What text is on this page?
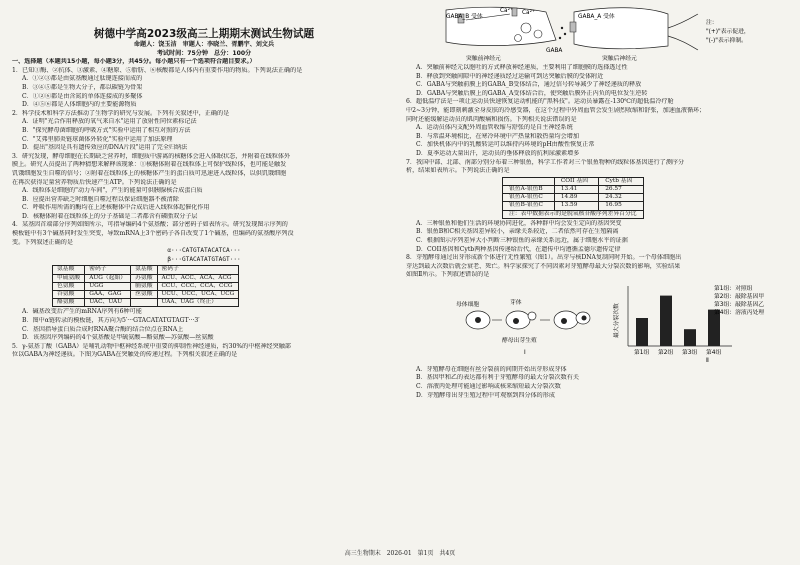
树德中学高2023级高三上期期末测试生物试题
命题人：饶玉洁　审题人：李晓兰、胥鹏宇、刘文兵
考试时间：75分钟　总分：100分
一、选择题（本题共15小题，每小题3分，共45分。每小题只有一个选项符合题目要求。）
1．已知①酶、②抗体、③激素、④糖原、⑤脂肪、⑥核酸都是人体内有重要作用的物质。下列说法正确的是
A．①②③都是由氨基酸通过肽键连接而成的
B．③④⑤都是生物大分子，都以碳链为骨架
C．①②⑥都是由含氮的单体连接成的多聚体
D．④⑤⑥都是人体细胞内的主要能源物质
2．科学技术和科学方法推动了生物学的研究与发展。下列有关叙述中，正确的是
A．证明"光合作用释放的氧气来自水"运用了放射性同位素标记法
B．"探究酵母菌细胞的呼吸方式"实验中运用了相互对照的方法
C．"艾弗里肺炎链球菌体外转化"实验中运用了加法原理
D．提出"基因是具有遗传效应的DNA片段"运用了完全归纳法
3．研究发现，酵母细胞在长期缺乏营养时，细胞质中游离的核糖体会进入体眠状态，并附着在线粒体外
膜上。研究人员提出了两种猜想来解释该现象：①核糖体附着在线粒体上可保护线粒体，也可能是触发
饥饿细胞发生自噬的信号；②附着在线粒体上的核糖体产生的蛋白质可迅速进入线粒体，以供饥饿细胞
在再次获得足量营养物质后快速产生ATP。下列说法正确的是
A．线粒体是细胞的"动力车间"，产生的能量可供胰腺核合成蛋白质
B．应提出营养缺乏时细胞自噬过程以保证细胞器不被清除
C．呼吸作用所需的酶均在上述核糖体中合成后进入线粒体起催化作用
D．核糖体附着在线粒体上的分子基础是二者都含有磷脂双分子层
4．某基因首端部分序列如图所示，可指导编码4个氨基酸；部分密码子如表所示。研究发现图示序列的
模板链中有3个碱基同时发生突变，导致mRNA上3个密码子各自改变了1个碱基，但编码的氨基酸序列没
变。下列叙述正确的是
α···CATGTATACATCA···
β···GTACATATGTAGT···
氨基酸	密码子	氨基酸	密码子
甲硫氨酸	AUG（起始）	苏氨酸	ACU、ACC、ACA、ACG
色氨酸	UGG	脯氨酸	CCU、CCC、CCA、CCG
谷氨酸	GAA、GAG	丝氨酸	UCU、UCC、UCA、UCG
酪氨酸	UAC、UAU		UAA、UAG（终止）
A．碱基改变后产生的mRNA序列有6种可能
B．图中α链转录的模板链，其方向为5′···GTACATATGTAGT···3′
C．基因指导蛋白质合成时RNA聚合酶的结合位点在RNA上
D．该基因序列编码的4个氨基酸是甲硫氨酸—酪氨酸—苏氨酸—丝氨酸
5．γ-氨基丁酸（GABA）是哺乳动物中枢神经系统中重要的抑制性神经递质，约30%的中枢神经突触部
位以GABA为神经递质。下图为GABA在突触处的传递过程。下列相关叙述正确的是
GABA_B 受体
Ca²⁺ Ca²⁺
GABA_A 受体
GABA
突触前神经元	突触后神经元
注：
"(+)"表示促进，
"(-)"表示抑制。
A．突触前神经元以胞吐的方式释放神经递质，主要利用了细胞膜的选择透过性
B．释放到突触间隙中的神经递质经过运输可到达突触后膜的受体附近
C．GABA与突触前膜上的GABA_B受体结合，通过信号转导减少了神经递质的释放
D．GABA与突触后膜上的GABA_A受体结合后，使突触后膜外正内负的电位发生逆转
6．超低温疗法是一项让运动员快速恢复运动机能的"黑科技"。运动员暴露在-130℃的超低温冷疗舱
中2~3分钟，能即刻刺激全身皮肤的冷感受器，在这个过程中外周血管会发生剧烈收缩和舒张，加速血液循环；
同时还能缓解运动员的肌肉酸痛和损伤。下列相关说法错误的是
A．运动员体内支配外周血管收缩与舒张的是自主神经系统
B．与常温环境相比，在寒冷环境中产热量和散热量均会增加
C．加快机体内中的乳酸转运可以维持内环境的pH由酸性恢复正常
D．夏季运动大量出汗，运动员的垂体释放的抗利尿激素增多
7．我国中部、北部、南部分别分布着三种银鱼，科学工作者对三个银鱼物种的线粒体基因进行了测序分
析，结果如表所示。下列说法正确的是
	COII 基因	Cytb 基因
银鱼A-银鱼B	13.41	26.57
银鱼A-银鱼C	14.89	24.32
银鱼B-银鱼C	13.59	16.95
注：表中数据表示的是脱氧核苷酸序列差异百分比		
A．三种银鱼和他们生活的环境协同进化，各种群中均会发生定向的基因突变
B．银鱼B和C相关基因差异较小，亲缘关系较近，二者依然可存在生殖隔离
C．根据图示序列差异大小判断三种银鱼的亲缘关系远近，属于细胞水平的证据
D．COII基因和Cytb两种基因传递给后代，在遗传中均遵循孟德尔遗传定律
8．芽殖酵母通过出芽形成新个体进行无性繁殖（图1）。出芽与核DNA复制同时开始。一个母体细胞出
芽达到最大次数后就会衰老、死亡。科学家探究了不同因素对芽殖酵母最大分裂次数的影响，实验结果
如图Ⅱ所示。下列叙述错误的是
母体细胞	芽体
酵母出芽生殖
Ⅰ
Ⅱ
最大分裂次数
第1组 第2组 第3组 第4组
第1组：对照组
第2组：敲除基因甲
第3组：敲除基因乙
第4组：溶液丙处理
A．芽殖酵母在细胞有丝分裂前的间期开始出芽形成芽体
B．基因甲和乙的表达都有利于芽殖酵母的最大分裂次数有关
C．溶液丙处理可能通过影响或核来缩短最大分裂次数
D．芽殖酵母出芽生殖过程中可观察到四分体的形成
高三生物期末　2026-01　第1页　共4页
